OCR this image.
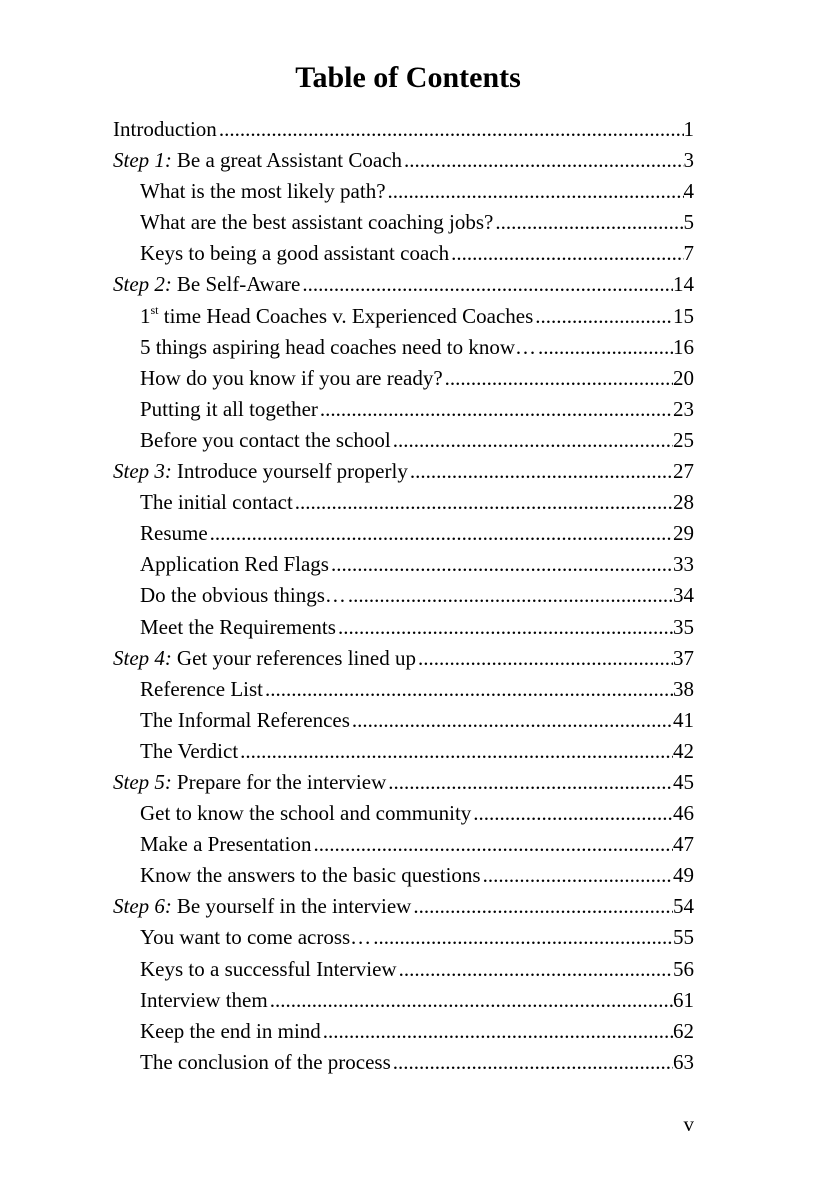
Table of Contents
Introduction .....	1
Step 1: Be a great Assistant Coach .....	3
What is the most likely path? .....	4
What are the best assistant coaching jobs? .....	5
Keys to being a good assistant coach .....	7
Step 2: Be Self-Aware .....	14
1st time Head Coaches v. Experienced Coaches .....	15
5 things aspiring head coaches need to know… .....	16
How do you know if you are ready? .....	20
Putting it all together .....	23
Before you contact the school .....	25
Step 3: Introduce yourself properly .....	27
The initial contact .....	28
Resume .....	29
Application Red Flags .....	33
Do the obvious things… .....	34
Meet the Requirements .....	35
Step 4: Get your references lined up .....	37
Reference List .....	38
The Informal References .....	41
The Verdict .....	42
Step 5: Prepare for the interview .....	45
Get to know the school and community .....	46
Make a Presentation .....	47
Know the answers to the basic questions .....	49
Step 6: Be yourself in the interview .....	54
You want to come across… .....	55
Keys to a successful Interview .....	56
Interview them .....	61
Keep the end in mind .....	62
The conclusion of the process .....	63
v
